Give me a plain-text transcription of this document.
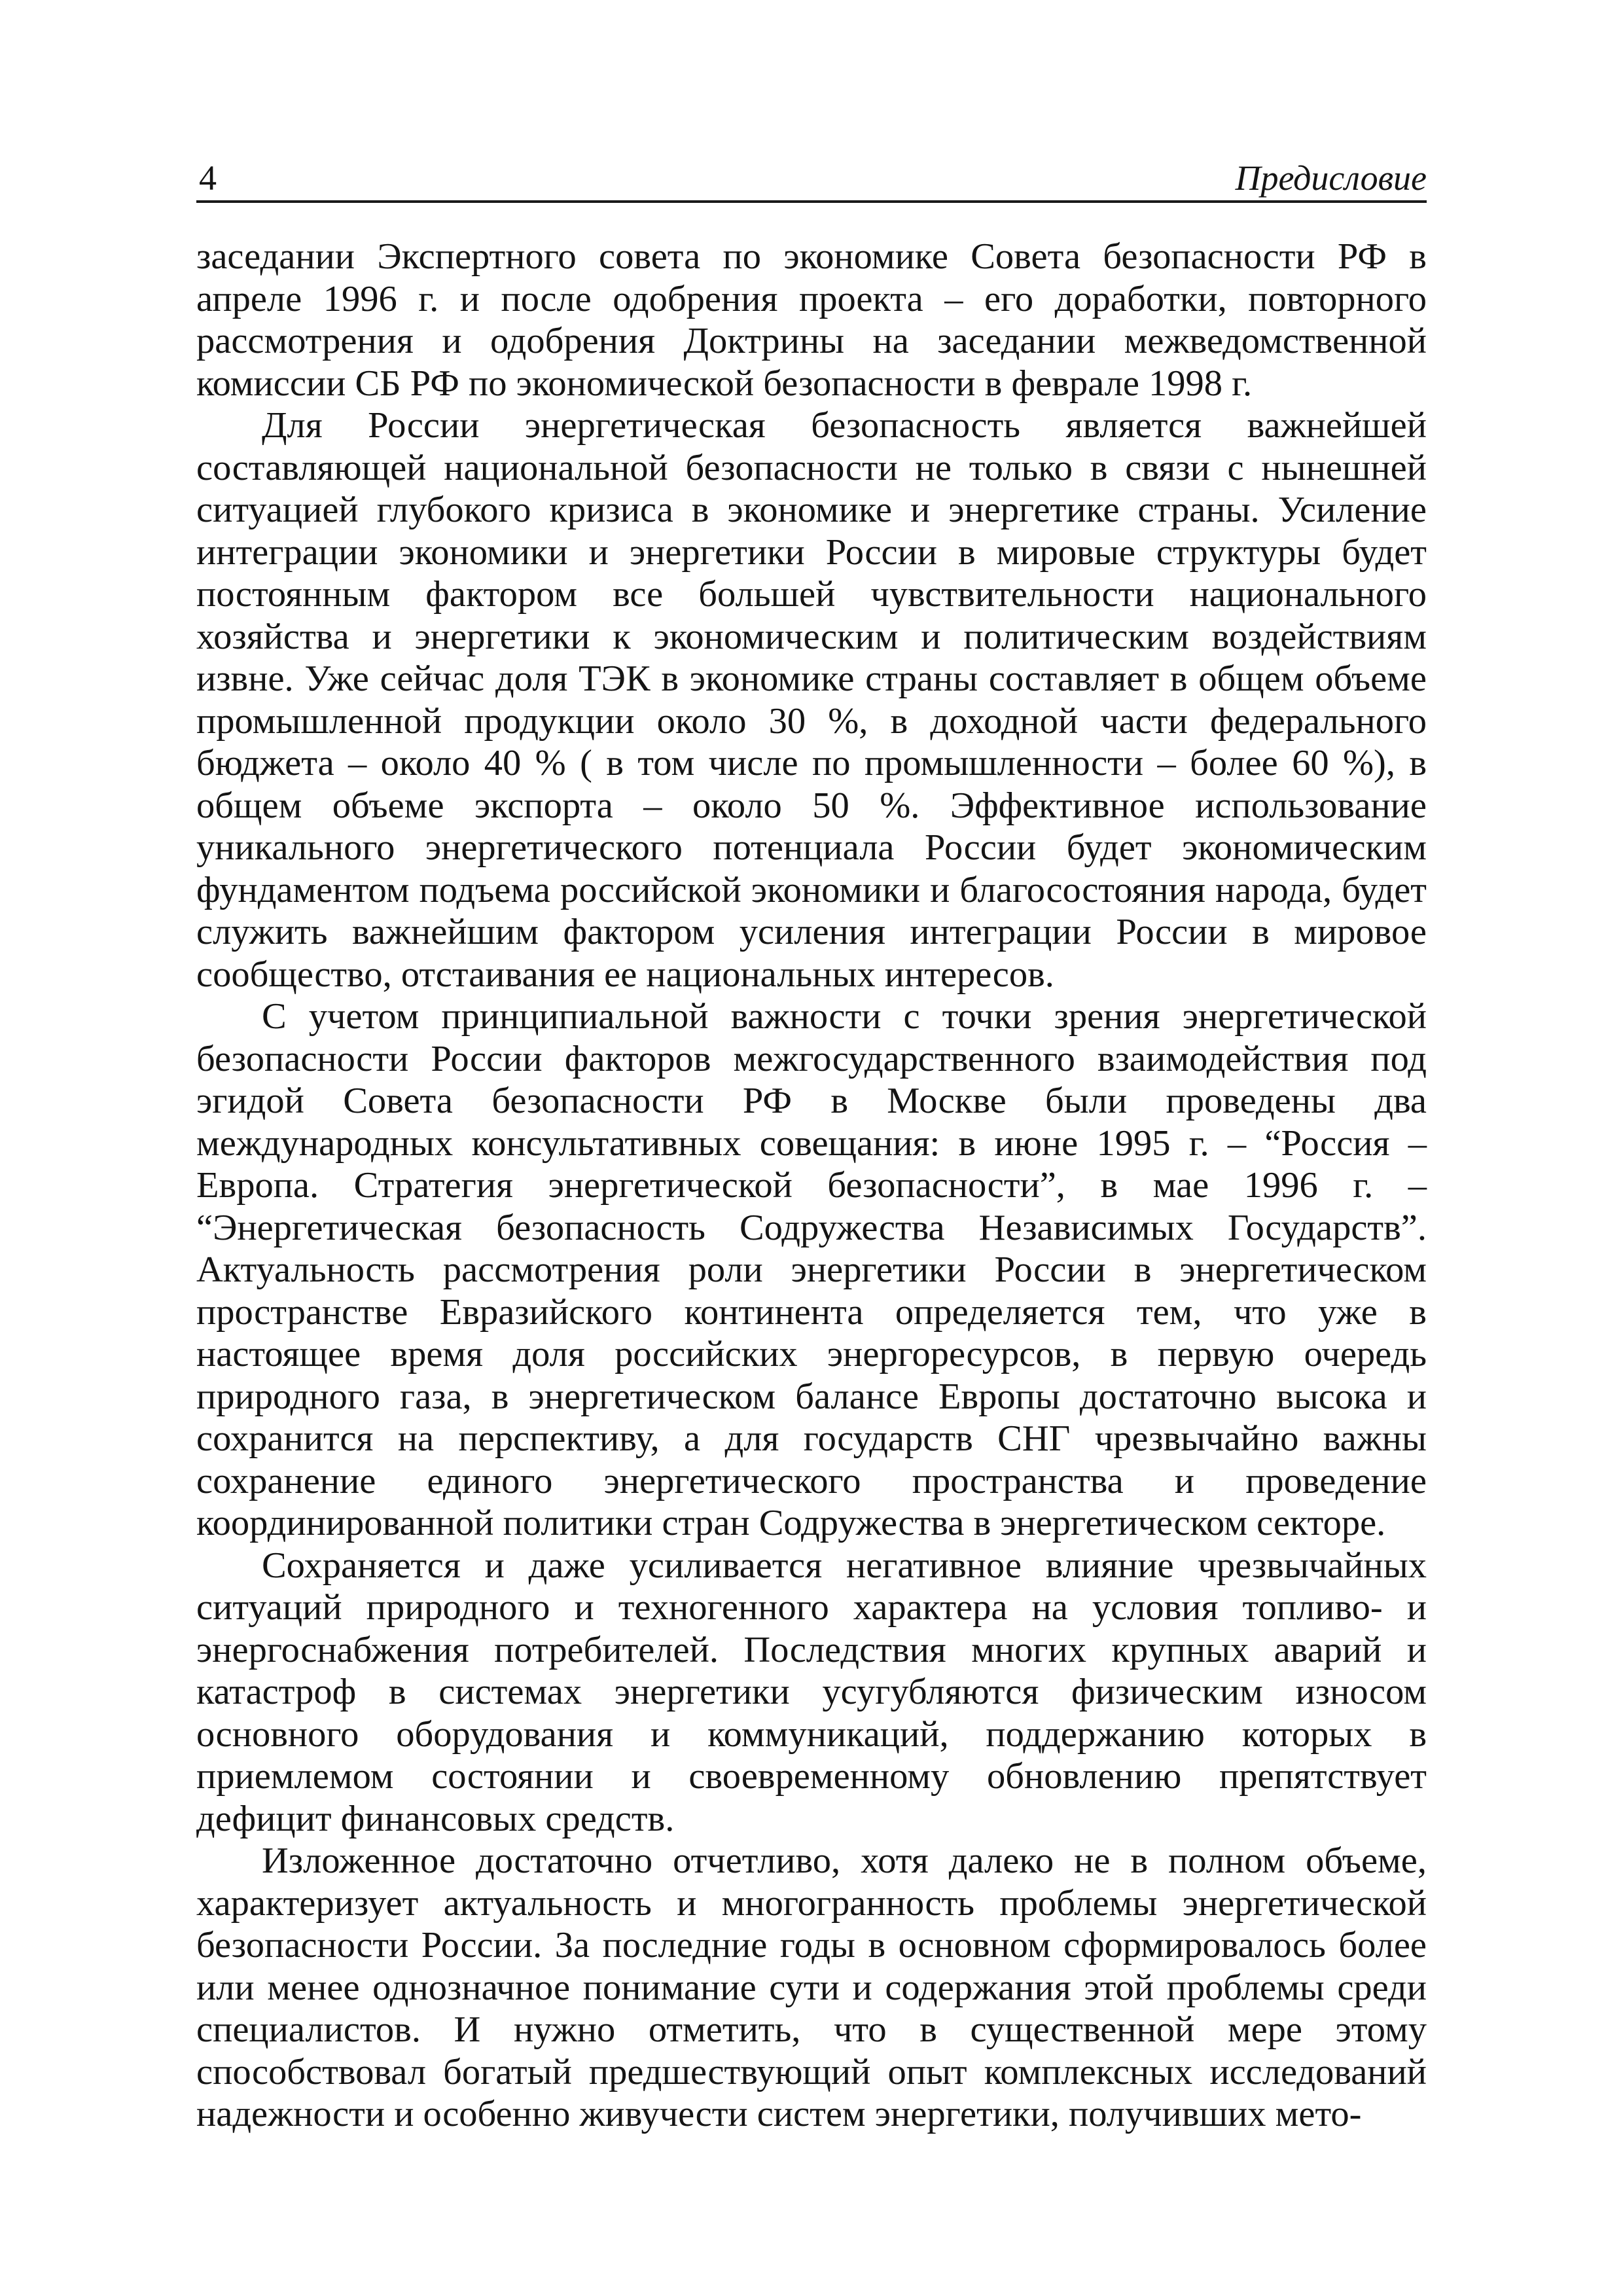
4	Предисловие

заседании Экспертного совета по экономике Совета безопасности РФ в апреле 1996 г. и после одобрения проекта – его доработки, повторного рассмотрения и одобрения Доктрины на заседании межведомственной комиссии СБ РФ по экономической безопасности в феврале 1998 г.

Для России энергетическая безопасность является важнейшей составляющей национальной безопасности не только в связи с нынешней ситуацией глубокого кризиса в экономике и энергетике страны. Усиление интеграции экономики и энергетики России в мировые структуры будет постоянным фактором все большей чувствительности национального хозяйства и энергетики к экономическим и политическим воздействиям извне. Уже сейчас доля ТЭК в экономике страны составляет в общем объеме промышленной продукции около 30 %, в доходной части федерального бюджета – около 40 % ( в том числе по промышленности – более 60 %), в общем объеме экспорта – около 50 %. Эффективное использование уникального энергетического потенциала России будет экономическим фундаментом подъема российской экономики и благосостояния народа, будет служить важнейшим фактором усиления интеграции России в мировое сообщество, отстаивания ее национальных интересов.

С учетом принципиальной важности с точки зрения энергетической безопасности России факторов межгосударственного взаимодействия под эгидой Совета безопасности РФ в Москве были проведены два международных консультативных совещания: в июне 1995 г. – “Россия – Европа. Стратегия энергетической безопасности”, в мае 1996 г. – “Энергетическая безопасность Содружества Независимых Государств”. Актуальность рассмотрения роли энергетики России в энергетическом пространстве Евразийского континента определяется тем, что уже в настоящее время доля российских энергоресурсов, в первую очередь природного газа, в энергетическом балансе Европы достаточно высока и сохранится на перспективу, а для государств СНГ чрезвычайно важны сохранение единого энергетического пространства и проведение координированной политики стран Содружества в энергетическом секторе.

Сохраняется и даже усиливается негативное влияние чрезвычайных ситуаций природного и техногенного характера на условия топливо- и энергоснабжения потребителей. Последствия многих крупных аварий и катастроф в системах энергетики усугубляются физическим износом основного оборудования и коммуникаций, поддержанию которых в приемлемом состоянии и своевременному обновлению препятствует дефицит финансовых средств.

Изложенное достаточно отчетливо, хотя далеко не в полном объеме, характеризует актуальность и многогранность проблемы энергетической безопасности России. За последние годы в основном сформировалось более или менее однозначное понимание сути и содержания этой проблемы среди специалистов. И нужно отметить, что в существенной мере этому способствовал богатый предшествующий опыт комплексных исследований надежности и особенно живучести систем энергетики, получивших мето-
